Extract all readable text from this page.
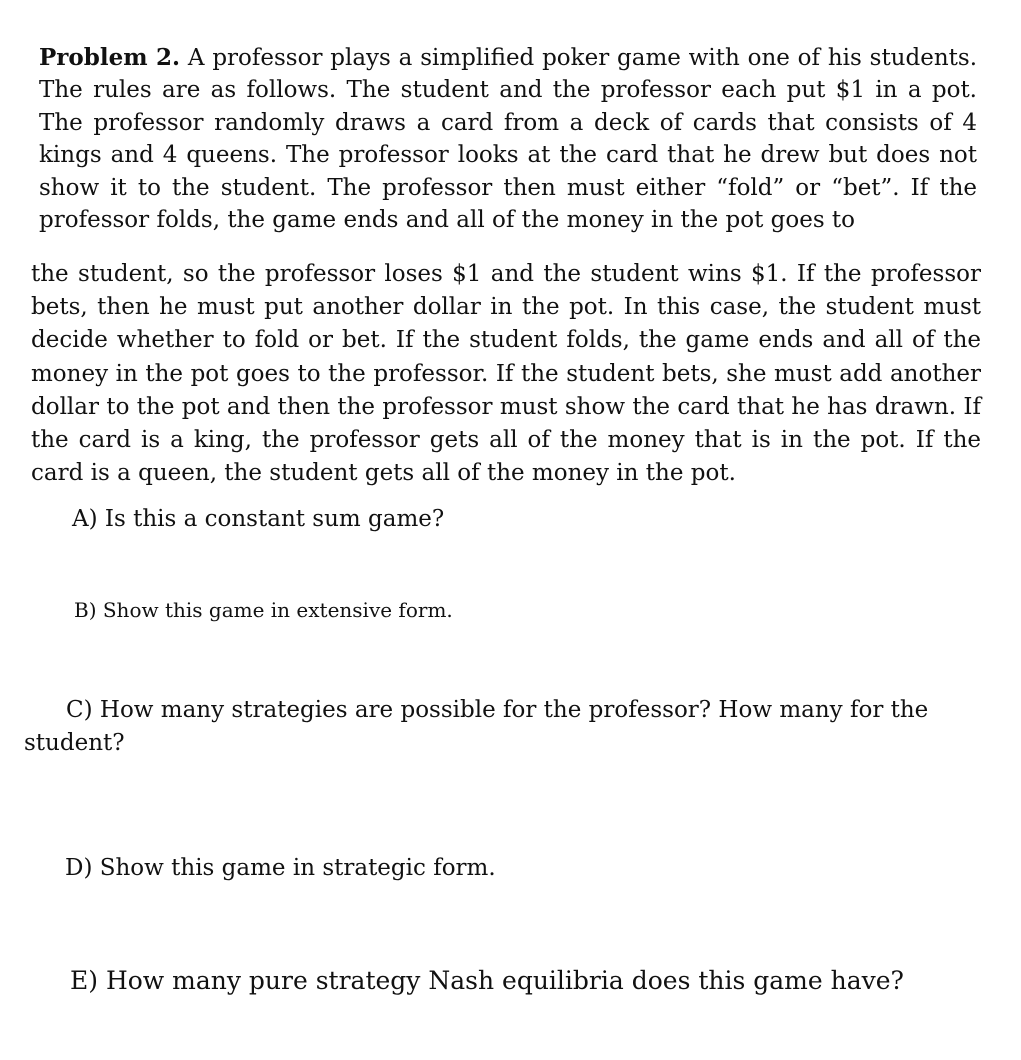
Problem 2. A professor plays a simplified poker game with one of his students. The rules are as follows. The student and the professor each put $1 in a pot. The professor randomly draws a card from a deck of cards that consists of 4 kings and 4 queens. The professor looks at the card that he drew but does not show it to the student. The professor then must either “fold” or “bet”. If the professor folds, the game ends and all of the money in the pot goes to

the student, so the professor loses $1 and the student wins $1. If the professor bets, then he must put another dollar in the pot. In this case, the student must decide whether to fold or bet. If the student folds, the game ends and all of the money in the pot goes to the professor. If the student bets, she must add another dollar to the pot and then the professor must show the card that he has drawn. If the card is a king, the professor gets all of the money that is in the pot. If the card is a queen, the student gets all of the money in the pot.

A) Is this a constant sum game?

B) Show this game in extensive form.

C) How many strategies are possible for the professor? How many for the student?

D) Show this game in strategic form.

E) How many pure strategy Nash equilibria does this game have?
